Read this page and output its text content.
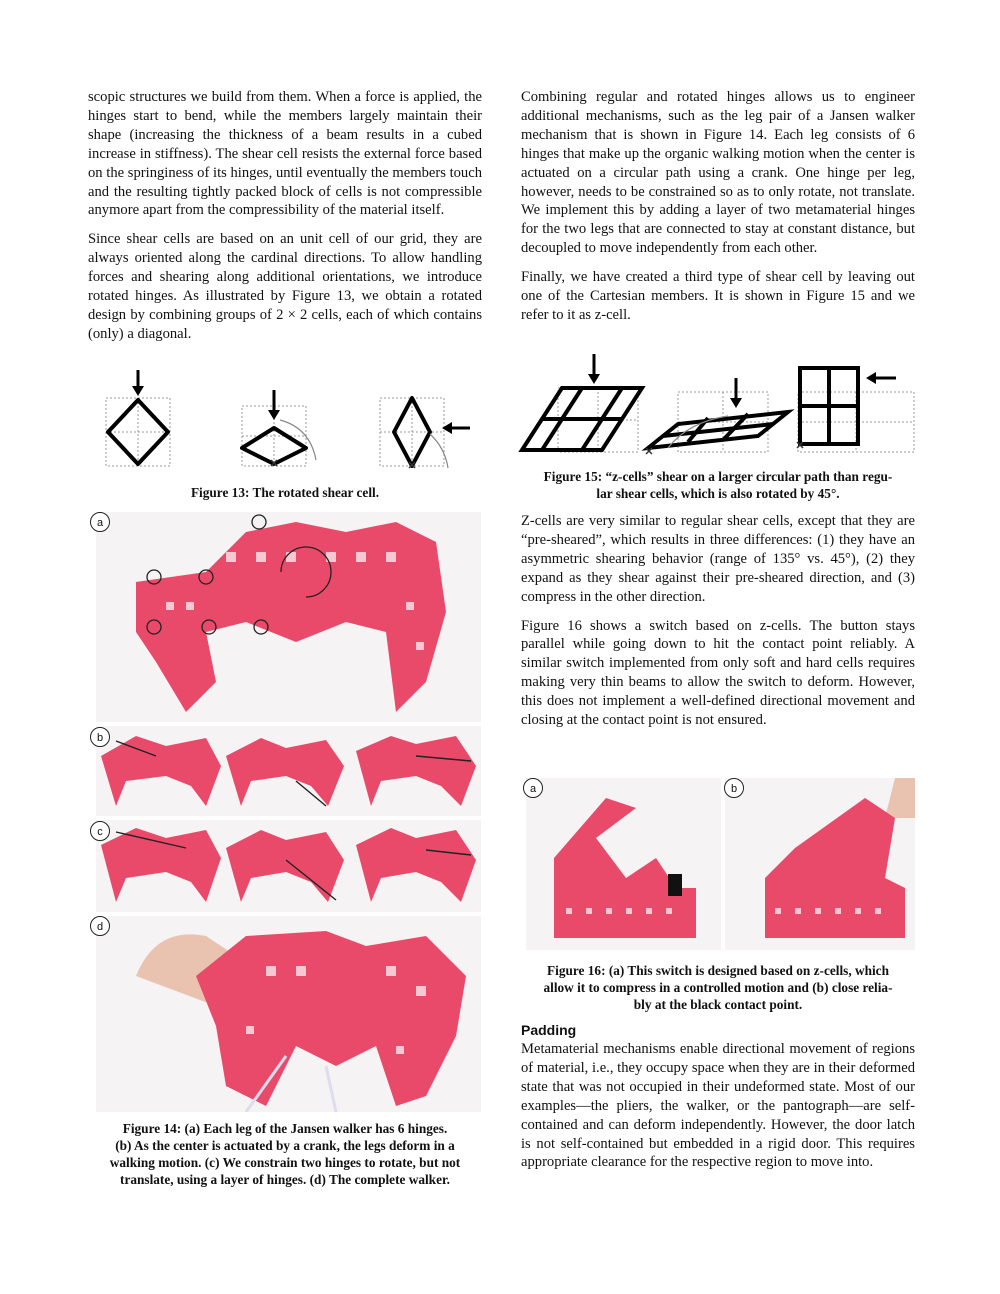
scopic structures we build from them. When a force is applied, the hinges start to bend, while the members largely maintain their shape (increasing the thickness of a beam results in a cubed increase in stiffness). The shear cell resists the external force based on the springiness of its hinges, until eventually the members touch and the resulting tightly packed block of cells is not compressible anymore apart from the compressibility of the material itself.

Since shear cells are based on an unit cell of our grid, they are always oriented along the cardinal directions. To allow handling forces and shearing along additional orientations, we introduce rotated hinges. As illustrated by Figure 13, we obtain a rotated design by combining groups of 2 × 2 cells, each of which contains (only) a diagonal.

Combining regular and rotated hinges allows us to engineer additional mechanisms, such as the leg pair of a Jansen walker mechanism that is shown in Figure 14. Each leg consists of 6 hinges that make up the organic walking motion when the center is actuated on a circular path using a crank. One hinge per leg, however, needs to be constrained so as to only rotate, not translate. We implement this by adding a layer of two metamaterial hinges for the two legs that are connected to stay at constant distance, but decoupled to move independently from each other.

Finally, we have created a third type of shear cell by leaving out one of the Cartesian members. It is shown in Figure 15 and we refer to it as z-cell.

Figure 13: The rotated shear cell.
a
b
c
d
Figure 14: (a) Each leg of the Jansen walker has 6 hinges.
(b) As the center is actuated by a crank, the legs deform in a
walking motion. (c) We constrain two hinges to rotate, but not
translate, using a layer of hinges. (d) The complete walker.
Figure 15: “z-cells” shear on a larger circular path than regu-
lar shear cells, which is also rotated by 45°.

Z-cells are very similar to regular shear cells, except that they are “pre-sheared”, which results in three differences: (1) they have an asymmetric shearing behavior (range of 135° vs. 45°), (2) they expand as they shear against their pre-sheared direction, and (3) compress in the other direction.

Figure 16 shows a switch based on z-cells. The button stays parallel while going down to hit the contact point reliably. A similar switch implemented from only soft and hard cells requires making very thin beams to allow the switch to deform. However, this does not implement a well-defined directional movement and closing at the contact point is not ensured.

a	b
Figure 16: (a) This switch is designed based on z-cells, which
allow it to compress in a controlled motion and (b) close relia-
bly at the black contact point.
Padding

Metamaterial mechanisms enable directional movement of regions of material, i.e., they occupy space when they are in their deformed state that was not occupied in their undeformed state. Most of our examples—the pliers, the walker, or the pantograph—are self-contained and can deform independently. However, the door latch is not self-contained but embedded in a rigid door. This requires appropriate clearance for the respective region to move into.
